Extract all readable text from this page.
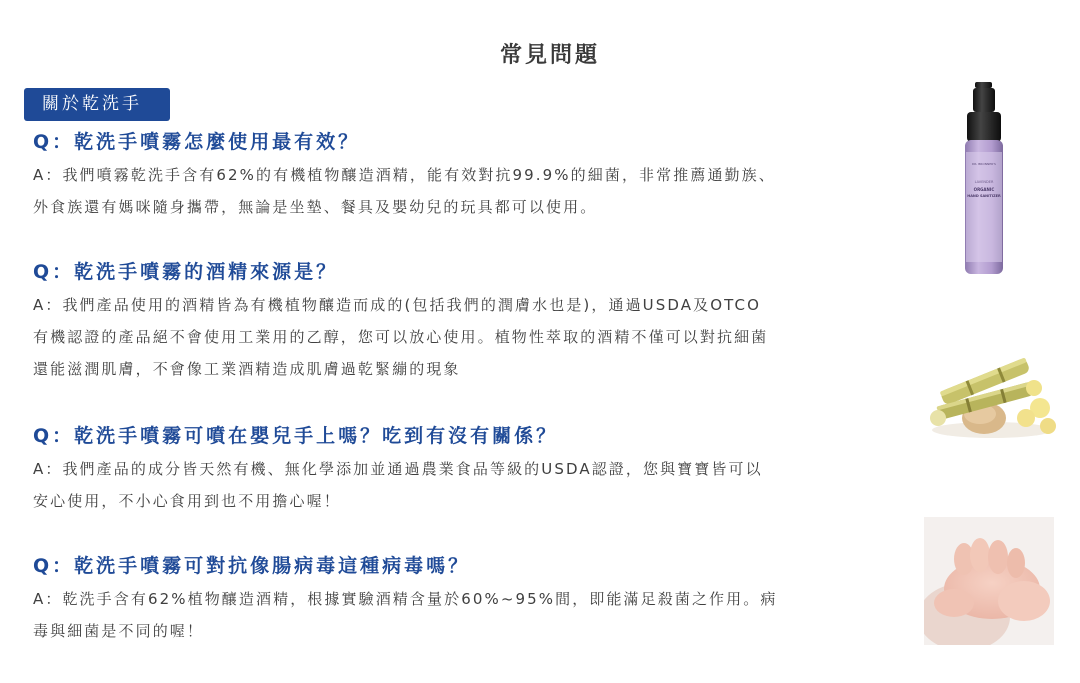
常見問題
關於乾洗手
Q：乾洗手噴霧怎麼使用最有效？
A：我們噴霧乾洗手含有62%的有機植物釀造酒精，能有效對抗99.9%的細菌，非常推薦通勤族、
外食族還有媽咪隨身攜帶，無論是坐墊、餐具及嬰幼兒的玩具都可以使用。
Q：乾洗手噴霧的酒精來源是？
A：我們產品使用的酒精皆為有機植物釀造而成的(包括我們的潤膚水也是)，通過USDA及OTCO
有機認證的產品絕不會使用工業用的乙醇，您可以放心使用。植物性萃取的酒精不僅可以對抗細菌
還能滋潤肌膚，不會像工業酒精造成肌膚過乾緊繃的現象
Q：乾洗手噴霧可噴在嬰兒手上嗎？吃到有沒有關係？
A：我們產品的成分皆天然有機、無化學添加並通過農業食品等級的USDA認證，您與寶寶皆可以
安心使用，不小心食用到也不用擔心喔！
Q：乾洗手噴霧可對抗像腸病毒這種病毒嗎？
A：乾洗手含有62%植物釀造酒精，根據實驗酒精含量於60%~95%間，即能滿足殺菌之作用。病
毒與細菌是不同的喔！
DR. BRONNER'S
LAVENDER
ORGANIC
HAND SANITIZER
